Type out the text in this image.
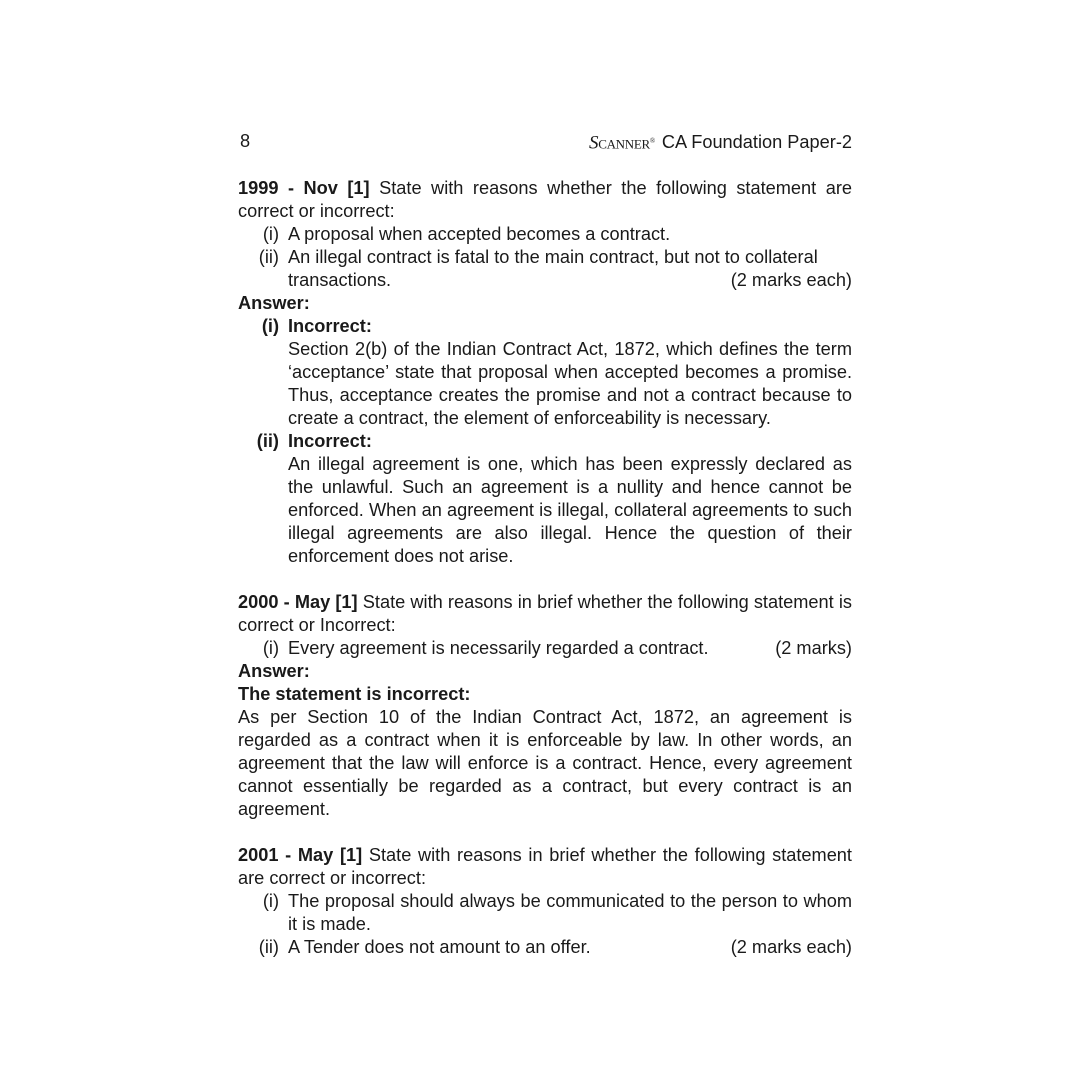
8	SCANNER® CA Foundation Paper-2

1999 - Nov [1] State with reasons whether the following statement are correct or incorrect:

(i) A proposal when accepted becomes a contract.
(ii) An illegal contract is fatal to the main contract, but not to collateral
transactions.	(2 marks each)

Answer:

(i) Incorrect:

Section 2(b) of the Indian Contract Act, 1872, which defines the term ‘acceptance’ state that proposal when accepted becomes a promise. Thus, acceptance creates the promise and not a contract because to create a contract, the element of enforceability is necessary.

(ii) Incorrect:

An illegal agreement is one, which has been expressly declared as the unlawful. Such an agreement is a nullity and hence cannot be enforced. When an agreement is illegal, collateral agreements to such illegal agreements are also illegal. Hence the question of their enforcement does not arise.

2000 - May [1] State with reasons in brief whether the following statement is correct or Incorrect:

(i) Every agreement is necessarily regarded a contract.	(2 marks)

Answer:

The statement is incorrect:

As per Section 10 of the Indian Contract Act, 1872, an agreement is regarded as a contract when it is enforceable by law. In other words, an agreement that the law will enforce is a contract. Hence, every agreement cannot essentially be regarded as a contract, but every contract is an agreement.

2001 - May [1] State with reasons in brief whether the following statement are correct or incorrect:

(i) The proposal should always be communicated to the person to whom it is made.
(ii) A Tender does not amount to an offer.	(2 marks each)
